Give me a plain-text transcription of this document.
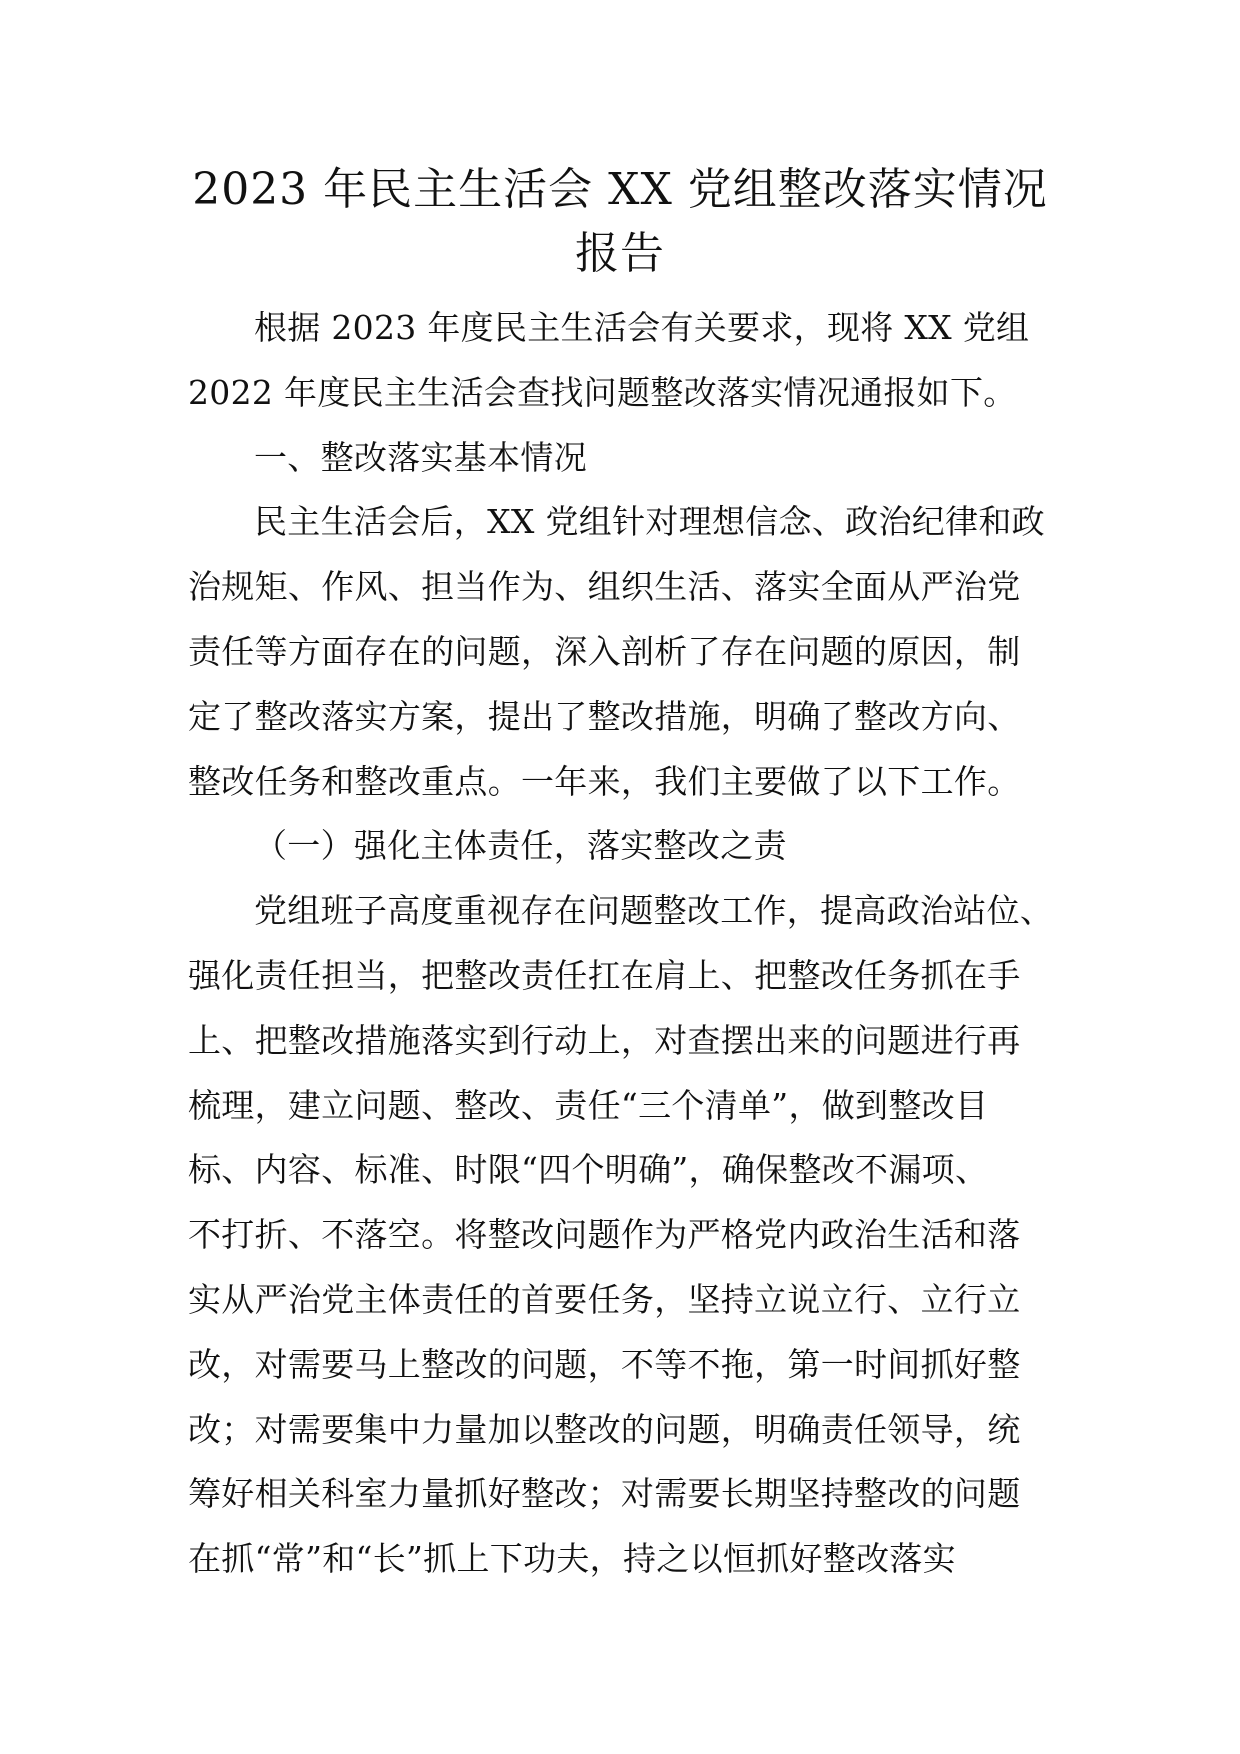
2023 年民主生活会 XX 党组整改落实情况
报告
根据 2023 年度民主生活会有关要求，现将 XX 党组
2022 年度民主生活会查找问题整改落实情况通报如下。
一、整改落实基本情况
民主生活会后，XX 党组针对理想信念、政治纪律和政
治规矩、作风、担当作为、组织生活、落实全面从严治党
责任等方面存在的问题，深入剖析了存在问题的原因，制
定了整改落实方案，提出了整改措施，明确了整改方向、
整改任务和整改重点。一年来，我们主要做了以下工作。
（一）强化主体责任，落实整改之责
党组班子高度重视存在问题整改工作，提高政治站位、
强化责任担当，把整改责任扛在肩上、把整改任务抓在手
上、把整改措施落实到行动上，对查摆出来的问题进行再
梳理，建立问题、整改、责任“三个清单”，做到整改目
标、内容、标准、时限“四个明确”，确保整改不漏项、
不打折、不落空。将整改问题作为严格党内政治生活和落
实从严治党主体责任的首要任务，坚持立说立行、立行立
改，对需要马上整改的问题，不等不拖，第一时间抓好整
改；对需要集中力量加以整改的问题，明确责任领导，统
筹好相关科室力量抓好整改；对需要长期坚持整改的问题
在抓“常”和“长”抓上下功夫，持之以恒抓好整改落实
